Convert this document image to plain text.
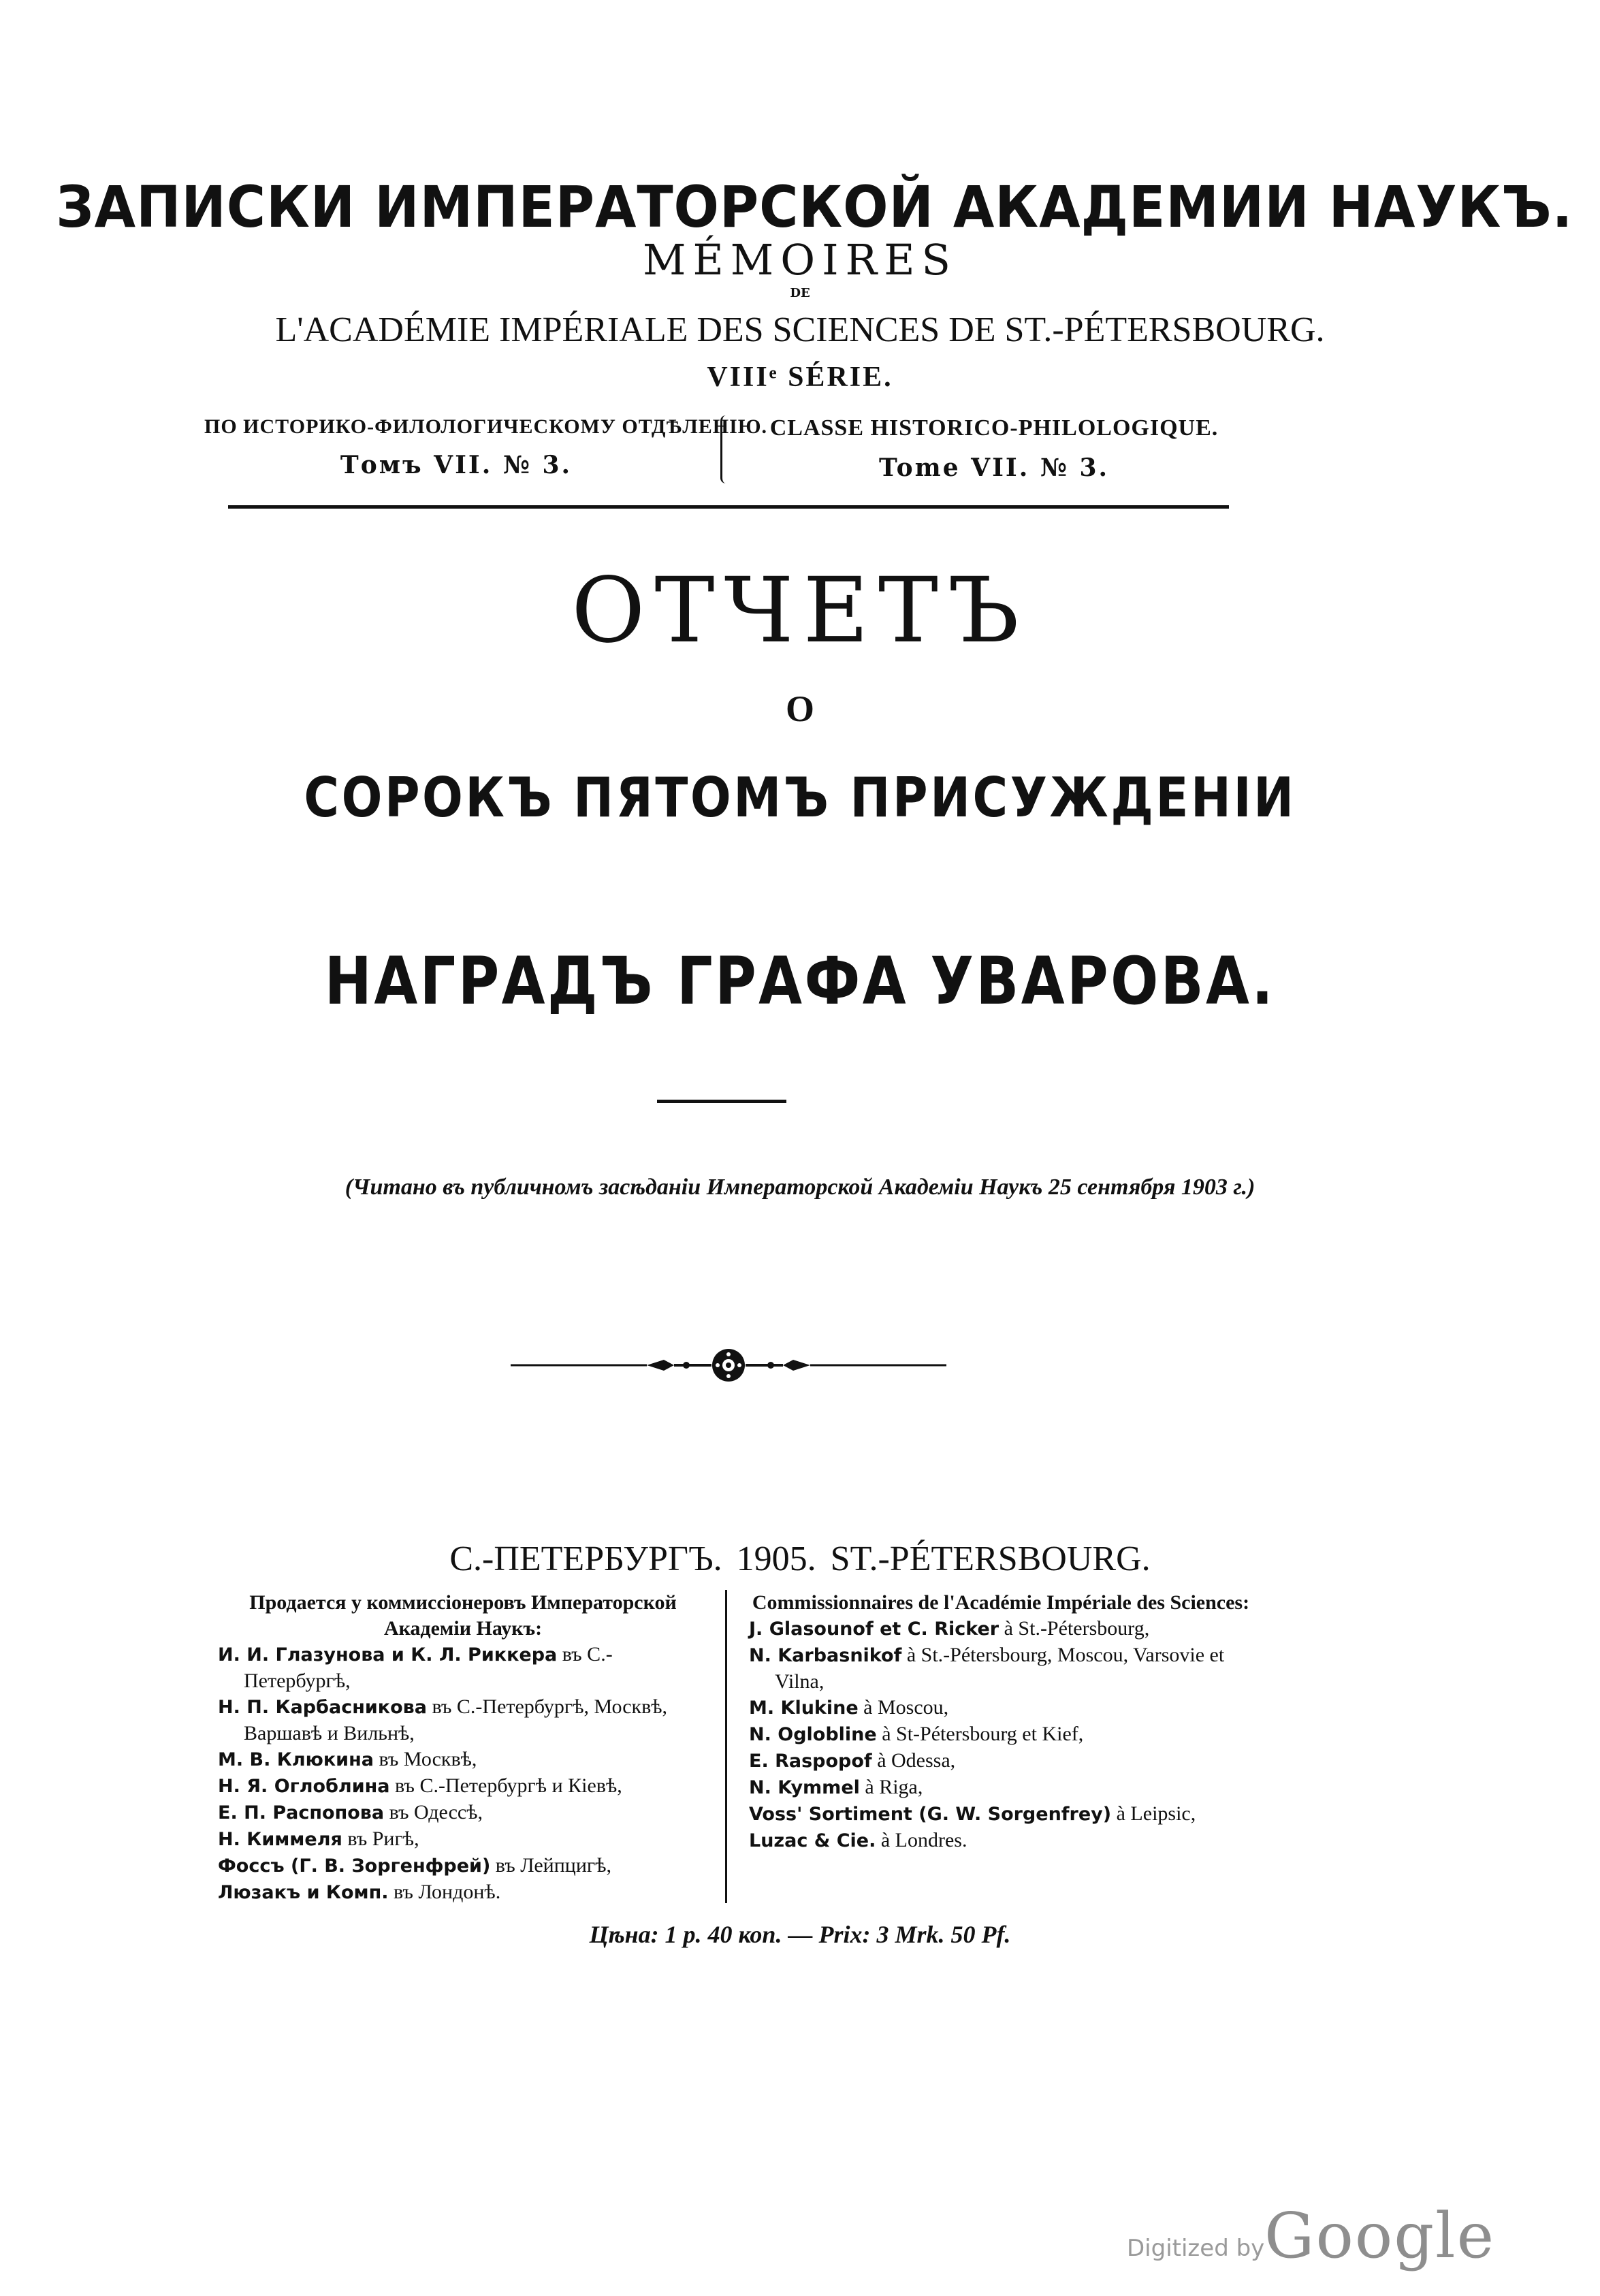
ЗАПИСКИ ИМПЕРАТОРСКОЙ АКАДЕМИИ НАУКЪ.
MÉMOIRES
DE
L'ACADÉMIE IMPÉRIALE DES SCIENCES DE ST.-PÉTERSBOURG.
VIIIᵉ SÉRIE.
ПО ИСТОРИКО-ФИЛОЛОГИЧЕСКОМУ ОТДѢЛЕНІЮ.
Томъ VII. № 3.
CLASSE HISTORICO-PHILOLOGIQUE.
Tome VII. № 3.
ОТЧЕТЪ
О
СОРОКЪ ПЯТОМЪ ПРИСУЖДЕНІИ
НАГРАДЪ ГРАФА УВАРОВА.
(Читано въ публичномъ засѣданіи Императорской Академіи Наукъ 25 сентября 1903 г.)
С.-ПЕТЕРБУРГЪ. 1905. ST.-PÉTERSBOURG.
Продается у коммиссіонеровъ Императорской Академіи Наукъ:
И. И. Глазунова и К. Л. Риккера въ С.-Петербургѣ,
Н. П. Карбасникова въ С.-Петербургѣ, Москвѣ, Варшавѣ и Вильнѣ,
М. В. Клюкина въ Москвѣ,
Н. Я. Оглоблина въ С.-Петербургѣ и Кіевѣ,
Е. П. Распопова въ Одессѣ,
Н. Киммеля въ Ригѣ,
Фоссъ (Г. В. Зоргенфрей) въ Лейпцигѣ,
Люзакъ и Комп. въ Лондонѣ.
Commissionnaires de l'Académie Impériale des Sciences:
J. Glasounof et C. Ricker à St.-Pétersbourg,
N. Karbasnikof à St.-Pétersbourg, Moscou, Varsovie et Vilna,
M. Klukine à Moscou,
N. Oglobline à St-Pétersbourg et Kief,
E. Raspopof à Odessa,
N. Kymmel à Riga,
Voss' Sortiment (G. W. Sorgenfrey) à Leipsic,
Luzac & Cie. à Londres.
Цѣна: 1 р. 40 коп. — Prix: 3 Mrk. 50 Pf.
Digitized by Google
